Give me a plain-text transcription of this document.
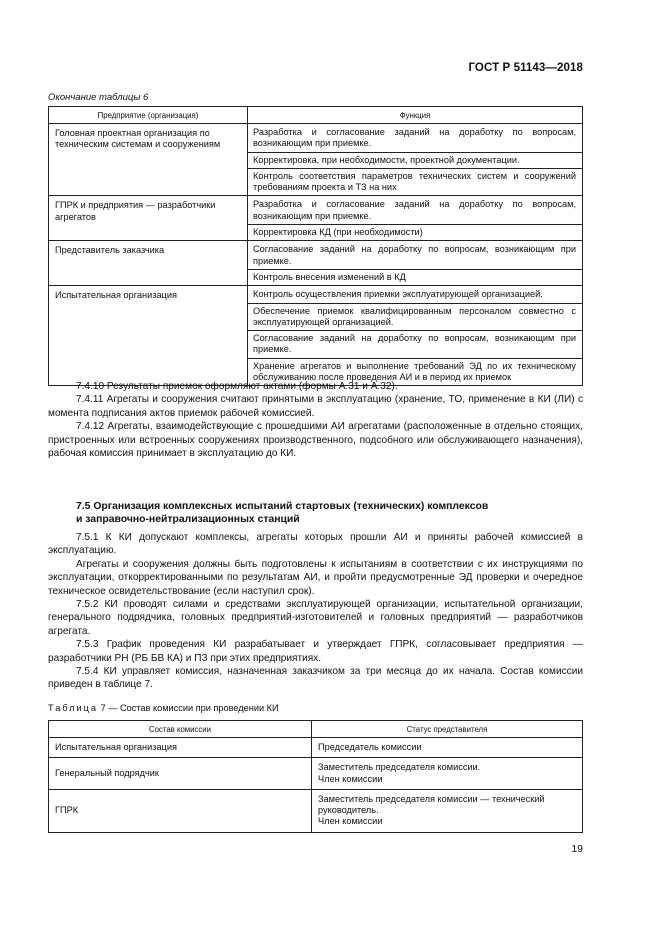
ГОСТ Р 51143—2018
Окончание таблицы 6
Предприятие (организация)	Функция
Головная проектная организация по техническим системам и сооружениям	Разработка и согласование заданий на доработку по вопросам, возникающим при приемке.
Корректировка, при необходимости, проектной документации.
Контроль соответствия параметров технических систем и сооружений требованиям проекта и ТЗ на них

ГПРК и предприятия — разработчики агрегатов	Разработка и согласование заданий на доработку по вопросам, возникающим при приемке.
Корректировка КД (при необходимости)

Представитель заказчика	Согласование заданий на доработку по вопросам, возникающим при приемке.
Контроль внесения изменений в КД

Испытательная организация	Контроль осуществления приемки эксплуатирующей организацией.
Обеспечение приемок квалифицированным персоналом совместно с эксплуатирующей организацией.
Согласование заданий на доработку по вопросам, возникающим при приемке.
Хранение агрегатов и выполнение требований ЭД по их техническому обслуживанию после проведения АИ и в период их приемок

7.4.10 Результаты приемок оформляют актами (формы А.31 и А.32).

7.4.11 Агрегаты и сооружения считают принятыми в эксплуатацию (хранение, ТО, применение в КИ (ЛИ) с момента подписания актов приемок рабочей комиссией.

7.4.12 Агрегаты, взаимодействующие с прошедшими АИ агрегатами (расположенные в отдельно стоящих, пристроенных или встроенных сооружениях производственного, подсобного или обслуживающего назначения), рабочая комиссия принимает в эксплуатацию до КИ.

7.5 Организация комплексных испытаний стартовых (технических) комплексов

и заправочно-нейтрализационных станций

7.5.1 К КИ допускают комплексы, агрегаты которых прошли АИ и приняты рабочей комиссией в эксплуатацию.

Агрегаты и сооружения должны быть подготовлены к испытаниям в соответствии с их инструкциями по эксплуатации, откорректированными по результатам АИ, и пройти предусмотренные ЭД проверки и очередное техническое освидетельствование (если наступил срок).

7.5.2 КИ проводят силами и средствами эксплуатирующей организации, испытательной организации, генерального подрядчика, головных предприятий-изготовителей и головных предприятий — разработчиков агрегата.

7.5.3 График проведения КИ разрабатывает и утверждает ГПРК, согласовывает предприятия — разработчики РН (РБ БВ КА) и ПЗ при этих предприятиях.

7.5.4 КИ управляет комиссия, назначенная заказчиком за три месяца до их начала. Состав комиссии приведен в таблице 7.

Таблица 7 — Состав комиссии при проведении КИ
Состав комиссии	Статус представителя
Испытательная организация	Председатель комиссии
Генеральный подрядчик	Заместитель председателя комиссии.
Член комиссии
ГПРК	Заместитель председателя комиссии — технический руководитель.
Член комиссии
19
